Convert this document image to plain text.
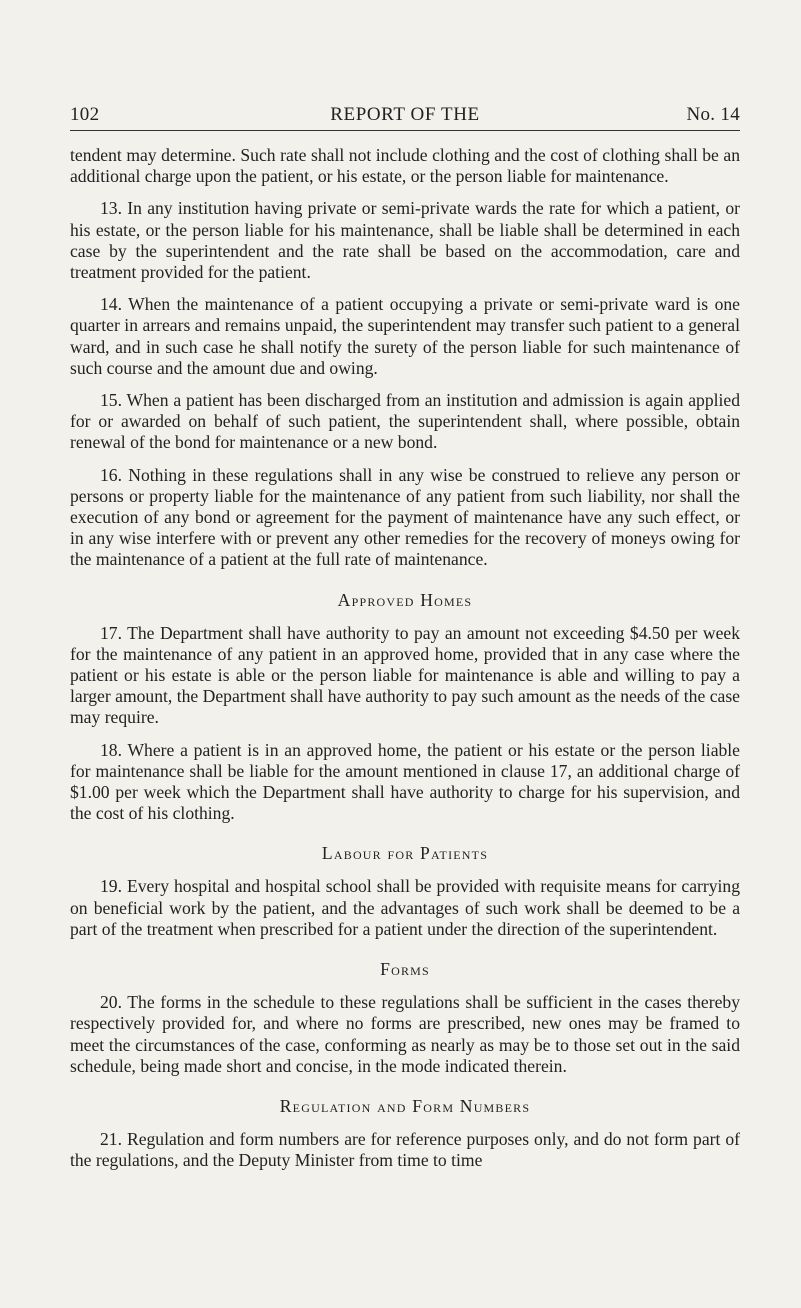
102	REPORT OF THE	No. 14

tendent may determine. Such rate shall not include clothing and the cost of clothing shall be an additional charge upon the patient, or his estate, or the person liable for maintenance.

13. In any institution having private or semi-private wards the rate for which a patient, or his estate, or the person liable for his maintenance, shall be liable shall be determined in each case by the superintendent and the rate shall be based on the accommodation, care and treatment provided for the patient.

14. When the maintenance of a patient occupying a private or semi-private ward is one quarter in arrears and remains unpaid, the superintendent may transfer such patient to a general ward, and in such case he shall notify the surety of the person liable for such maintenance of such course and the amount due and owing.

15. When a patient has been discharged from an institution and admission is again applied for or awarded on behalf of such patient, the superintendent shall, where possible, obtain renewal of the bond for maintenance or a new bond.

16. Nothing in these regulations shall in any wise be construed to relieve any person or persons or property liable for the maintenance of any patient from such liability, nor shall the execution of any bond or agreement for the payment of maintenance have any such effect, or in any wise interfere with or prevent any other remedies for the recovery of moneys owing for the maintenance of a patient at the full rate of maintenance.

Approved Homes

17. The Department shall have authority to pay an amount not exceeding $4.50 per week for the maintenance of any patient in an approved home, provided that in any case where the patient or his estate is able or the person liable for maintenance is able and willing to pay a larger amount, the Department shall have authority to pay such amount as the needs of the case may require.

18. Where a patient is in an approved home, the patient or his estate or the person liable for maintenance shall be liable for the amount mentioned in clause 17, an additional charge of $1.00 per week which the Department shall have authority to charge for his supervision, and the cost of his clothing.

Labour for Patients

19. Every hospital and hospital school shall be provided with requisite means for carrying on beneficial work by the patient, and the advantages of such work shall be deemed to be a part of the treatment when prescribed for a patient under the direction of the superintendent.

Forms

20. The forms in the schedule to these regulations shall be sufficient in the cases thereby respectively provided for, and where no forms are prescribed, new ones may be framed to meet the circumstances of the case, conforming as nearly as may be to those set out in the said schedule, being made short and concise, in the mode indicated therein.

Regulation and Form Numbers

21. Regulation and form numbers are for reference purposes only, and do not form part of the regulations, and the Deputy Minister from time to time
